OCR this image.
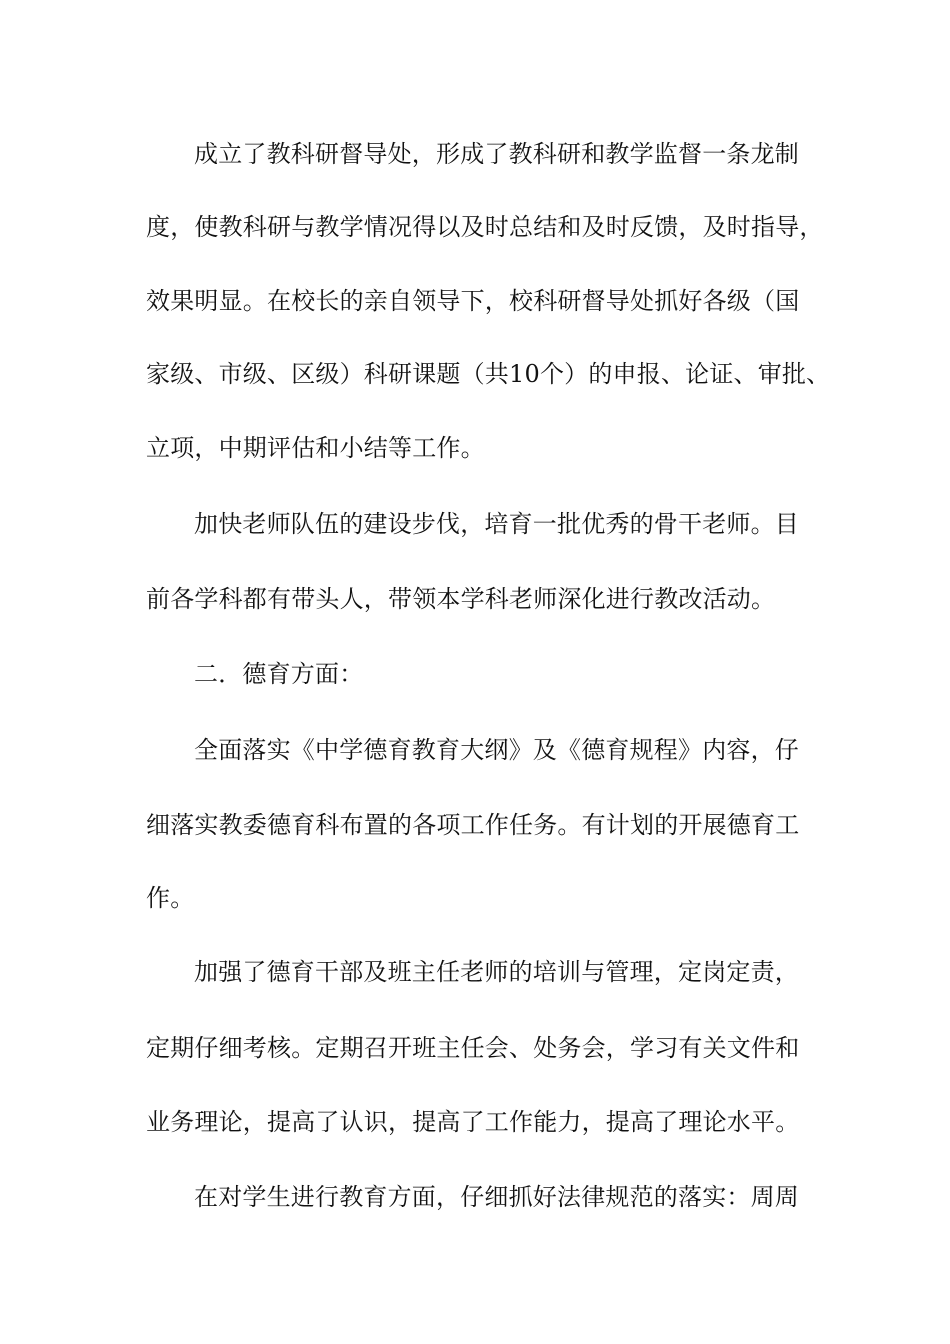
成立了教科研督导处，形成了教科研和教学监督一条龙制
度，使教科研与教学情况得以及时总结和及时反馈，及时指导，
效果明显。在校长的亲自领导下，校科研督导处抓好各级（国
家级、市级、区级）科研课题（共10个）的申报、论证、审批、
立项，中期评估和小结等工作。
加快老师队伍的建设步伐，培育一批优秀的骨干老师。目
前各学科都有带头人，带领本学科老师深化进行教改活动。
二．德育方面：
全面落实《中学德育教育大纲》及《德育规程》内容，仔
细落实教委德育科布置的各项工作任务。有计划的开展德育工
作。
加强了德育干部及班主任老师的培训与管理，定岗定责，
定期仔细考核。定期召开班主任会、处务会，学习有关文件和
业务理论，提高了认识，提高了工作能力，提高了理论水平。
在对学生进行教育方面，仔细抓好法律规范的落实：周周
